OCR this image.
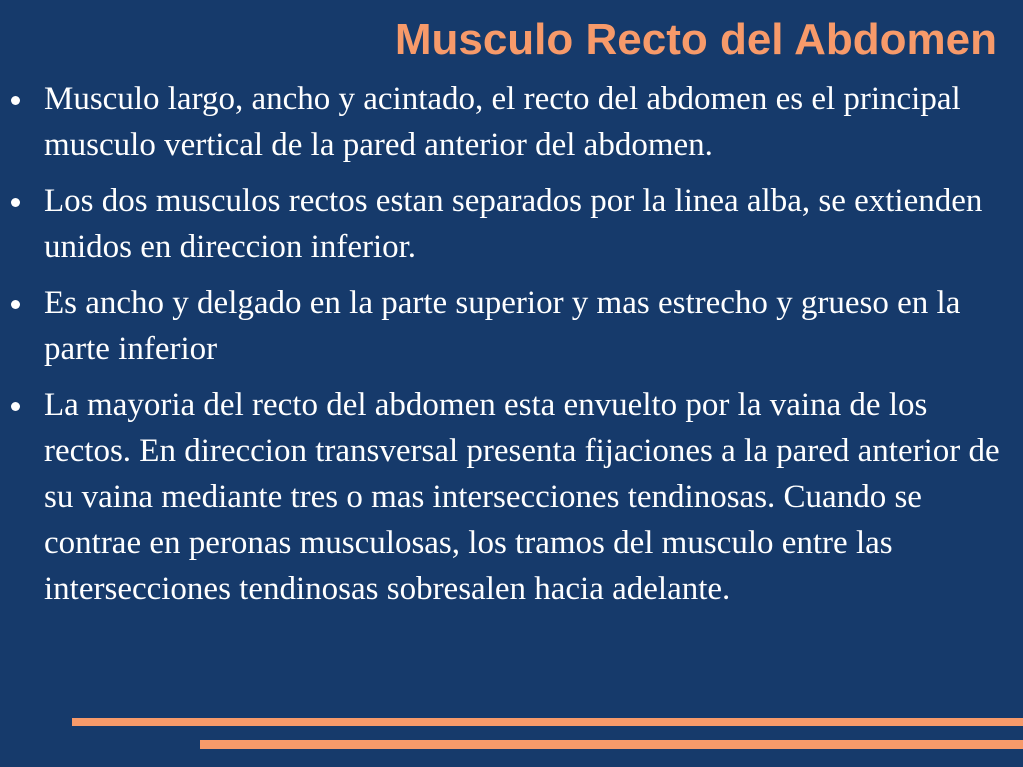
Musculo Recto del Abdomen
Musculo largo, ancho y acintado, el recto del abdomen es el principal musculo vertical de la pared anterior del abdomen.
Los dos musculos rectos estan separados por la linea alba, se extienden unidos en direccion inferior.
Es ancho y delgado en la parte superior y mas estrecho y grueso en la parte inferior
La mayoria del recto del abdomen esta envuelto por la vaina de los rectos. En direccion transversal presenta fijaciones a la pared anterior de su vaina mediante tres o mas intersecciones tendinosas. Cuando se contrae en peronas musculosas, los tramos del musculo entre las intersecciones tendinosas sobresalen hacia adelante.
